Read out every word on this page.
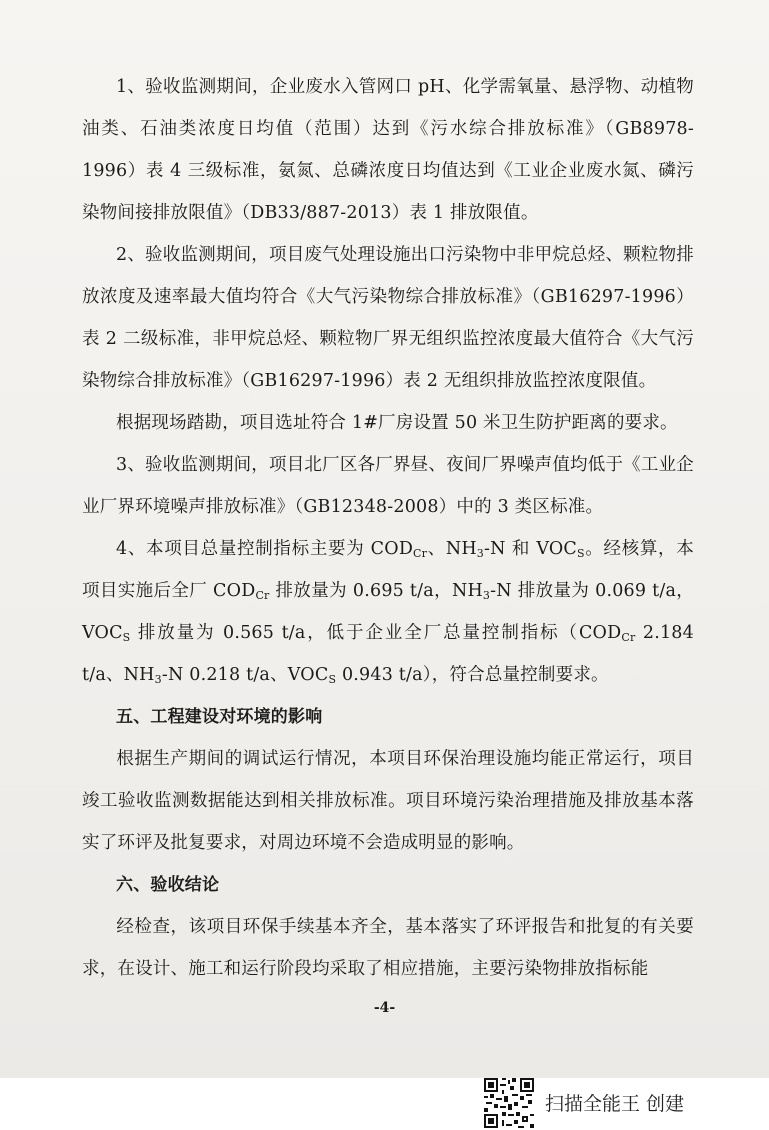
1、验收监测期间，企业废水入管网口 pH、化学需氧量、悬浮物、动植物油类、石油类浓度日均值（范围）达到《污水综合排放标准》（GB8978-1996）表 4 三级标准，氨氮、总磷浓度日均值达到《工业企业废水氮、磷污染物间接排放限值》（DB33/887-2013）表 1 排放限值。
2、验收监测期间，项目废气处理设施出口污染物中非甲烷总烃、颗粒物排放浓度及速率最大值均符合《大气污染物综合排放标准》（GB16297-1996）表 2 二级标准，非甲烷总烃、颗粒物厂界无组织监控浓度最大值符合《大气污染物综合排放标准》（GB16297-1996）表 2 无组织排放监控浓度限值。
根据现场踏勘，项目选址符合 1#厂房设置 50 米卫生防护距离的要求。
3、验收监测期间，项目北厂区各厂界昼、夜间厂界噪声值均低于《工业企业厂界环境噪声排放标准》（GB12348-2008）中的 3 类区标准。
4、本项目总量控制指标主要为 $COD_{Cr}$、$NH_3-N$ 和 $VOC_S$。经核算，本项目实施后全厂 $COD_{Cr}$ 排放量为 0.695 t/a，$NH_3-N$ 排放量为 0.069 t/a，$VOC_S$ 排放量为 0.565 t/a，低于企业全厂总量控制指标（$COD_{Cr}$ 2.184 t/a、$NH_3-N$ 0.218 t/a、$VOC_S$ 0.943 t/a），符合总量控制要求。
五、工程建设对环境的影响
根据生产期间的调试运行情况，本项目环保治理设施均能正常运行，项目竣工验收监测数据能达到相关排放标准。项目环境污染治理措施及排放基本落实了环评及批复要求，对周边环境不会造成明显的影响。
六、验收结论
经检查，该项目环保手续基本齐全，基本落实了环评报告和批复的有关要求，在设计、施工和运行阶段均采取了相应措施，主要污染物排放指标能
-4-
扫描全能王 创建
